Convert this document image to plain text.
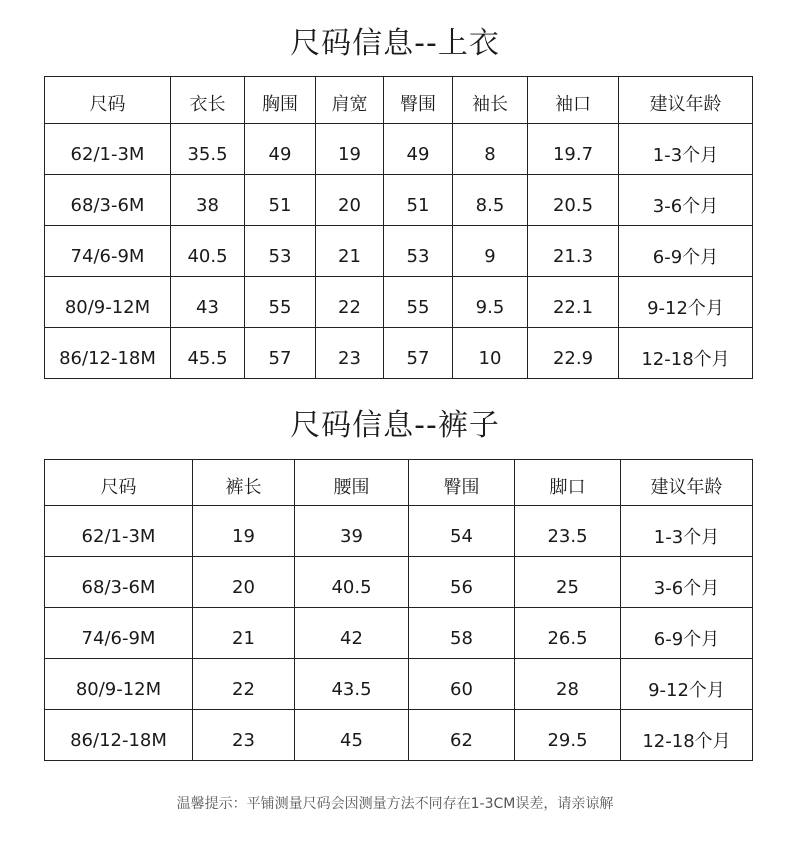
尺码信息--上衣
尺码	衣长	胸围	肩宽	臀围	袖长	袖口	建议年龄
62/1-3M	35.5	49	19	49	8	19.7	1-3个月
68/3-6M	38	51	20	51	8.5	20.5	3-6个月
74/6-9M	40.5	53	21	53	9	21.3	6-9个月
80/9-12M	43	55	22	55	9.5	22.1	9-12个月
86/12-18M	45.5	57	23	57	10	22.9	12-18个月
尺码信息--裤子
尺码	裤长	腰围	臀围	脚口	建议年龄
62/1-3M	19	39	54	23.5	1-3个月
68/3-6M	20	40.5	56	25	3-6个月
74/6-9M	21	42	58	26.5	6-9个月
80/9-12M	22	43.5	60	28	9-12个月
86/12-18M	23	45	62	29.5	12-18个月
温馨提示：平铺测量尺码会因测量方法不同存在1-3CM误差，请亲谅解
